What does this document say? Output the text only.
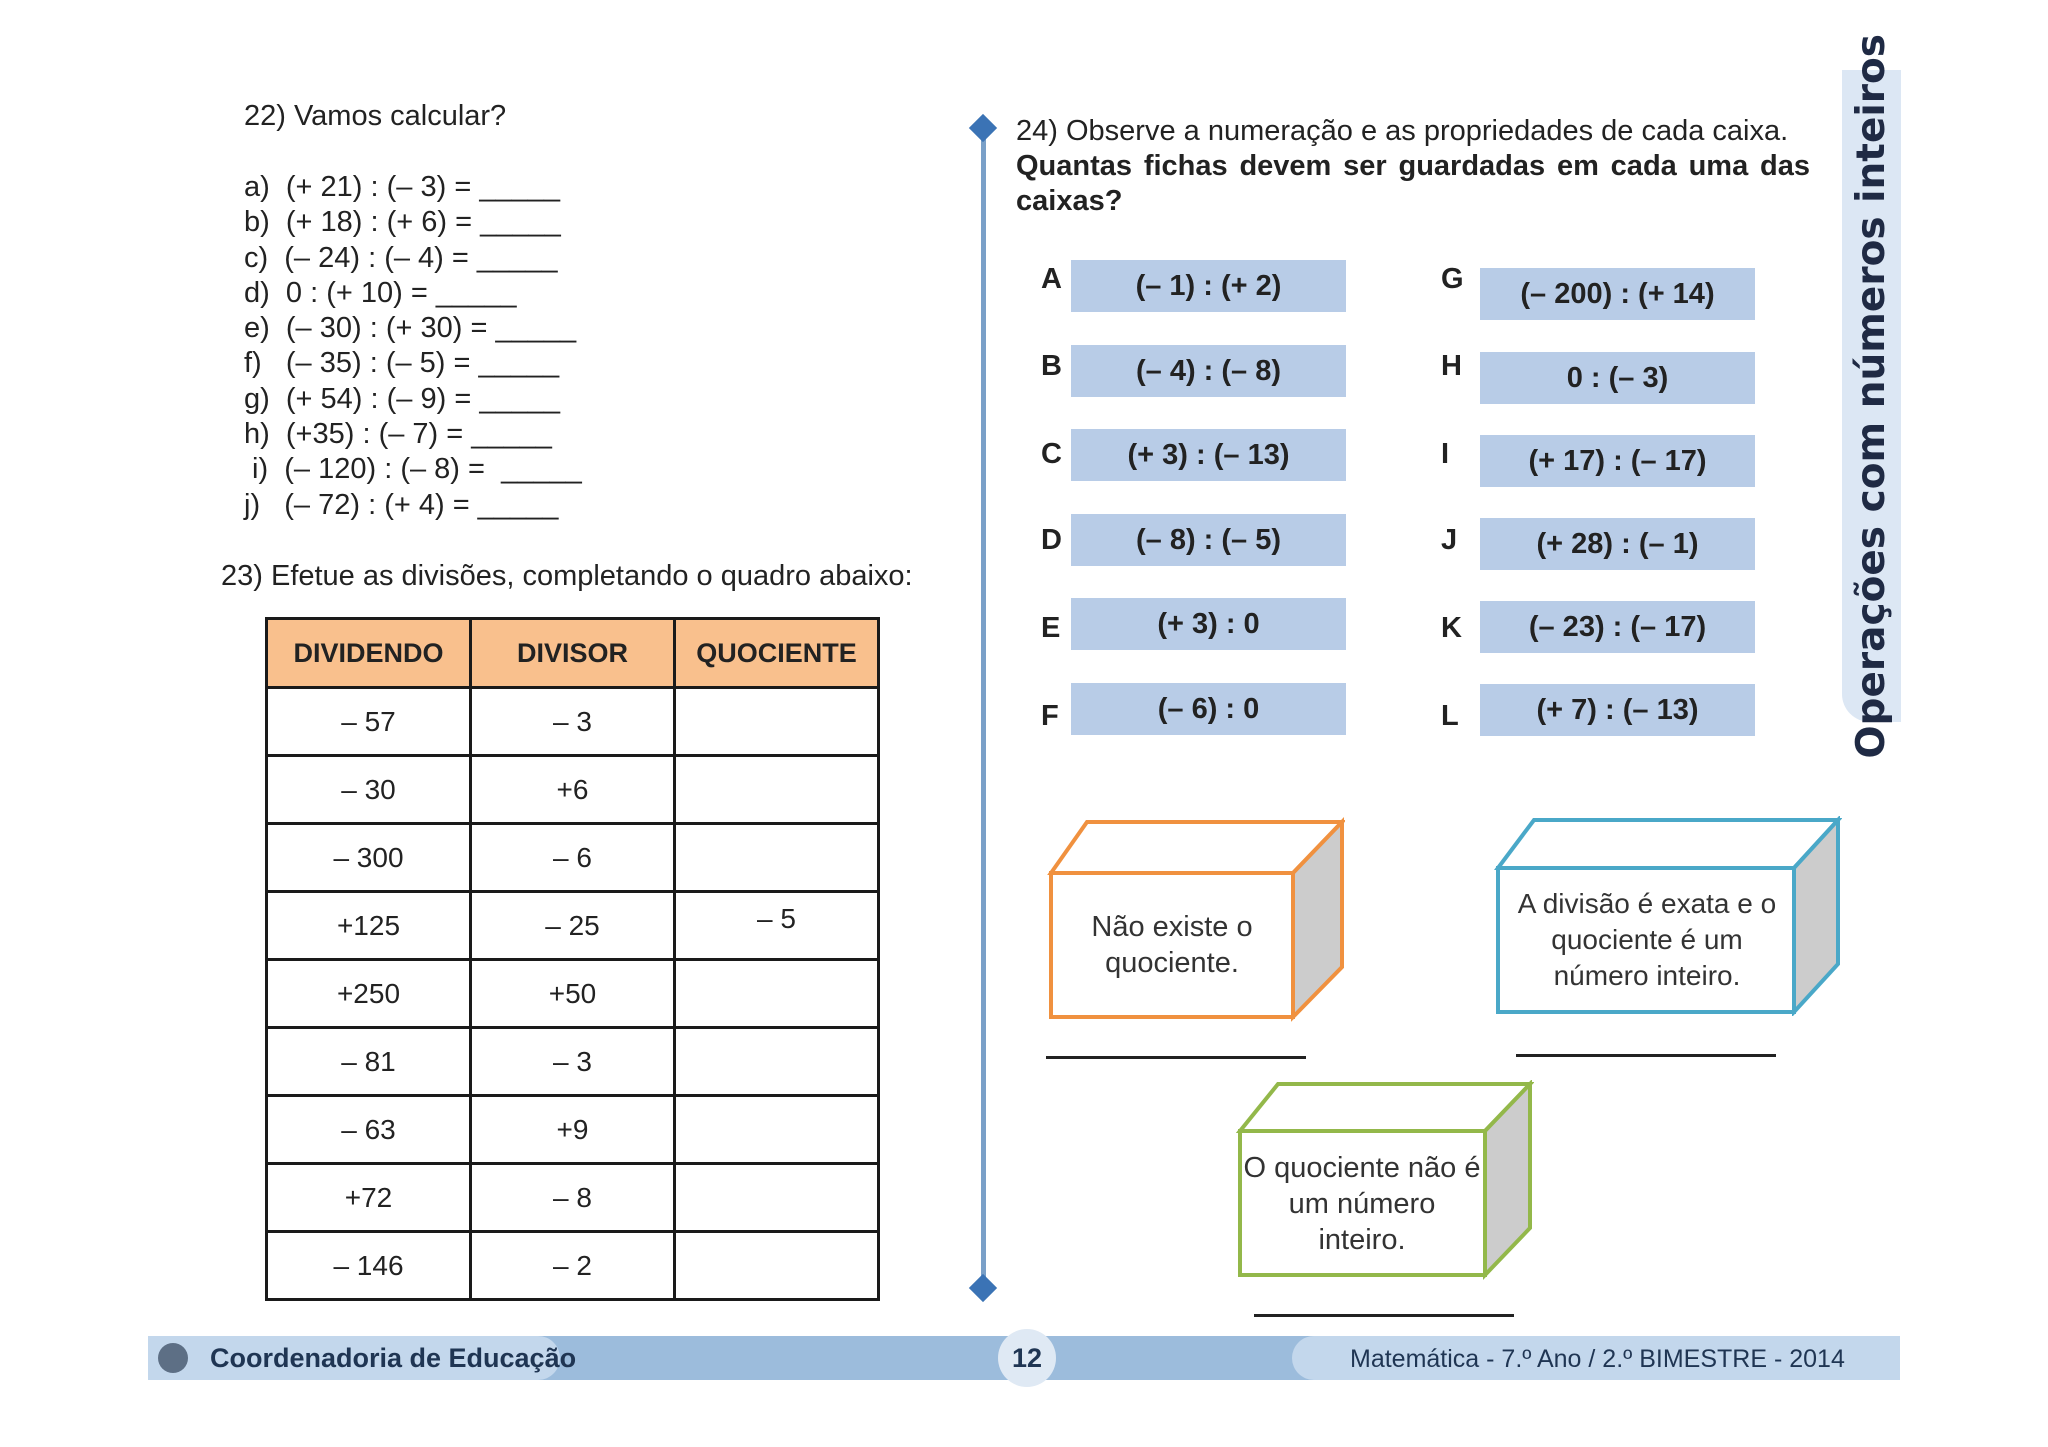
22) Vamos calcular?
a)  (+ 21) : (– 3) = _____
b)  (+ 18) : (+ 6) = _____
c)  (– 24) : (– 4) = _____
d)  0 : (+ 10) = _____
e)  (– 30) : (+ 30) = _____
f)   (– 35) : (– 5) = _____
g)  (+ 54) : (– 9) = _____
h)  (+35) : (– 7) = _____
i)  (– 120) : (– 8) =  _____
j)   (– 72) : (+ 4) = _____
23) Efetue as divisões, completando o quadro abaixo:
DIVIDENDO	DIVISOR	QUOCIENTE
– 57	– 3	
– 30	+6	
– 300	– 6	
+125	– 25	– 5
+250	+50	
– 81	– 3	
– 63	+9	
+72	– 8	
– 146	– 2	
24) Observe a numeração e as propriedades de cada caixa.
Quantas fichas devem ser guardadas em cada uma das caixas?
A	(– 1) : (+ 2)
B	(– 4) : (– 8)
C	(+ 3) : (– 13)
D	(– 8) : (– 5)
E	(+ 3) : 0
F	(– 6) : 0
G	(– 200) : (+ 14)
H	0 : (– 3)
I	(+ 17) : (– 17)
J	(+ 28) : (– 1)
K	(– 23) : (– 17)
L	(+ 7) : (– 13)
Não existe o quociente.
A divisão é exata e o quociente é um número inteiro.
O quociente não é um número inteiro.
Operações com números inteiros
Coordenadoria de Educação	12	Matemática - 7.º Ano / 2.º BIMESTRE - 2014
